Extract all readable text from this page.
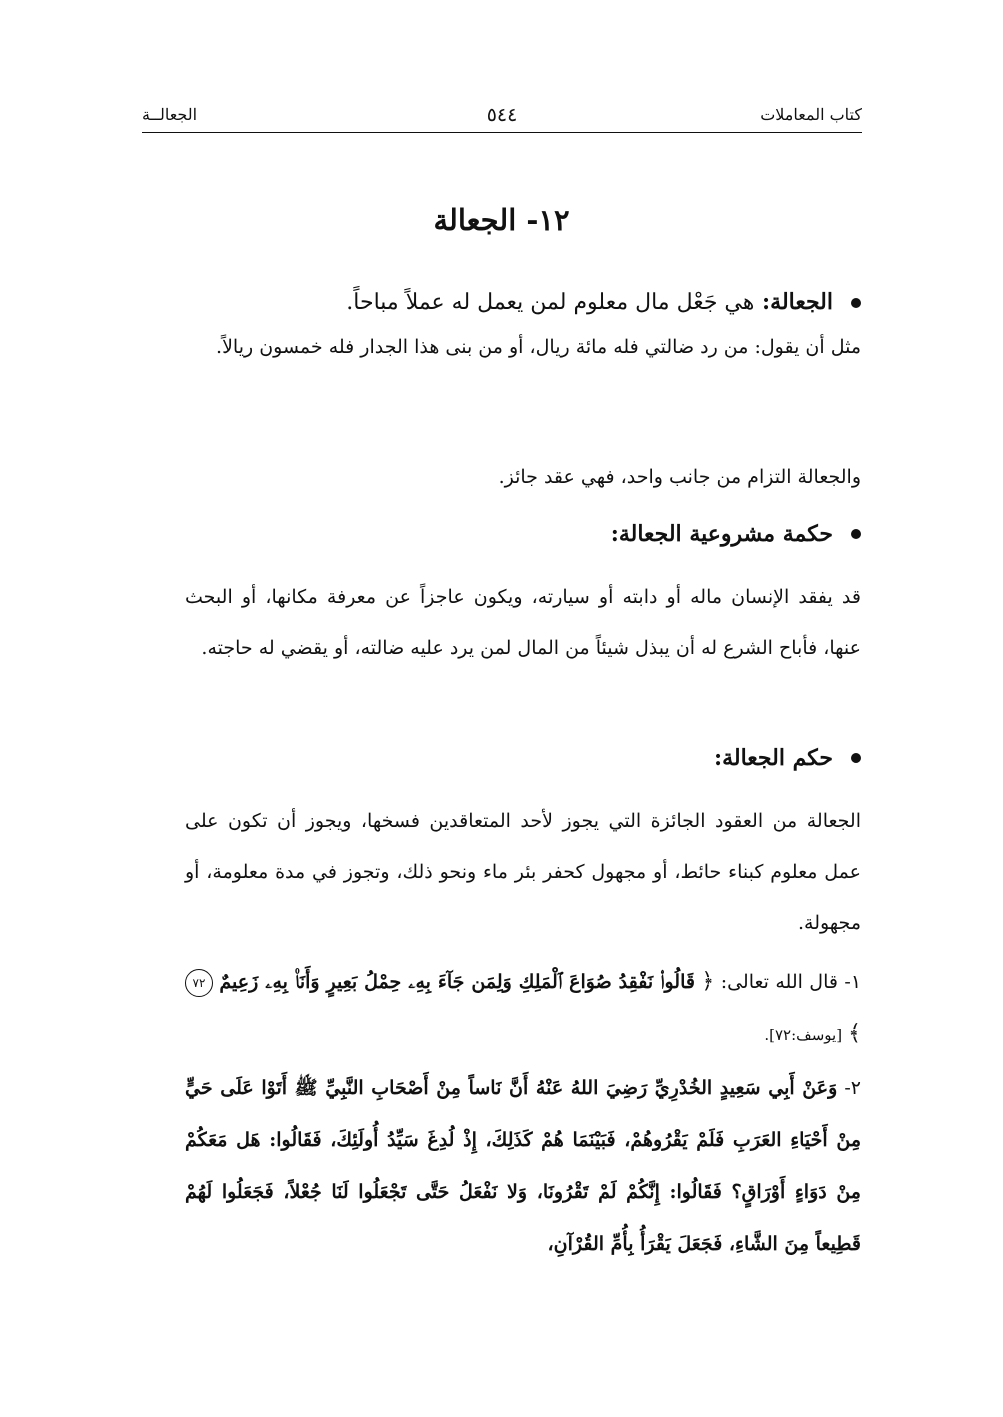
كتاب المعاملات
٥٤٤
الجعالــة
١٢- الجعالة
الجعالة: هي جَعْل مال معلوم لمن يعمل له عملاً مباحاً.

مثل أن يقول: من رد ضالتي فله مائة ريال، أو من بنى هذا الجدار فله خمسون ريالاً.

والجعالة التزام من جانب واحد، فهي عقد جائز.

حكمة مشروعية الجعالة:

قد يفقد الإنسان ماله أو دابته أو سيارته، ويكون عاجزاً عن معرفة مكانها، أو البحث عنها، فأباح الشرع له أن يبذل شيئاً من المال لمن يرد عليه ضالته، أو يقضي له حاجته.

حكم الجعالة:

الجعالة من العقود الجائزة التي يجوز لأحد المتعاقدين فسخها، ويجوز أن تكون على عمل معلوم كبناء حائط، أو مجهول كحفر بئر ماء ونحو ذلك، وتجوز في مدة معلومة، أو مجهولة.

١- قال الله تعالى: ﴿ قَالُوا۟ نَفْقِدُ صُوَاعَ ٱلْمَلِكِ وَلِمَن جَآءَ بِهِۦ حِمْلُ بَعِيرٍ وَأَنَا۠ بِهِۦ زَعِيمٌ ٧٢﴾ [يوسف:٧٢].

٢- وَعَنْ أَبِي سَعِيدٍ الخُدْرِيِّ رَضِيَ اللهُ عَنْهُ أَنَّ نَاساً مِنْ أَصْحَابِ النَّبِيِّ ﷺ أَتَوْا عَلَى حَيٍّ مِنْ أَحْيَاءِ العَرَبِ فَلَمْ يَقْرُوهُمْ، فَبَيْنَمَا هُمْ كَذَلِكَ، إِذْ لُدِغَ سَيِّدُ أُولَئِكَ، فَقَالُوا: هَل مَعَكُمْ مِنْ دَوَاءٍ أَوْرَاقٍ؟ فَقَالُوا: إِنَّكُمْ لَمْ تَقْرُونَا، وَلا نَفْعَلُ حَتَّى تَجْعَلُوا لَنَا جُعْلاً، فَجَعَلُوا لَهُمْ قَطِيعاً مِنَ الشَّاءِ، فَجَعَلَ يَقْرَأُ بِأُمِّ القُرْآنِ،
